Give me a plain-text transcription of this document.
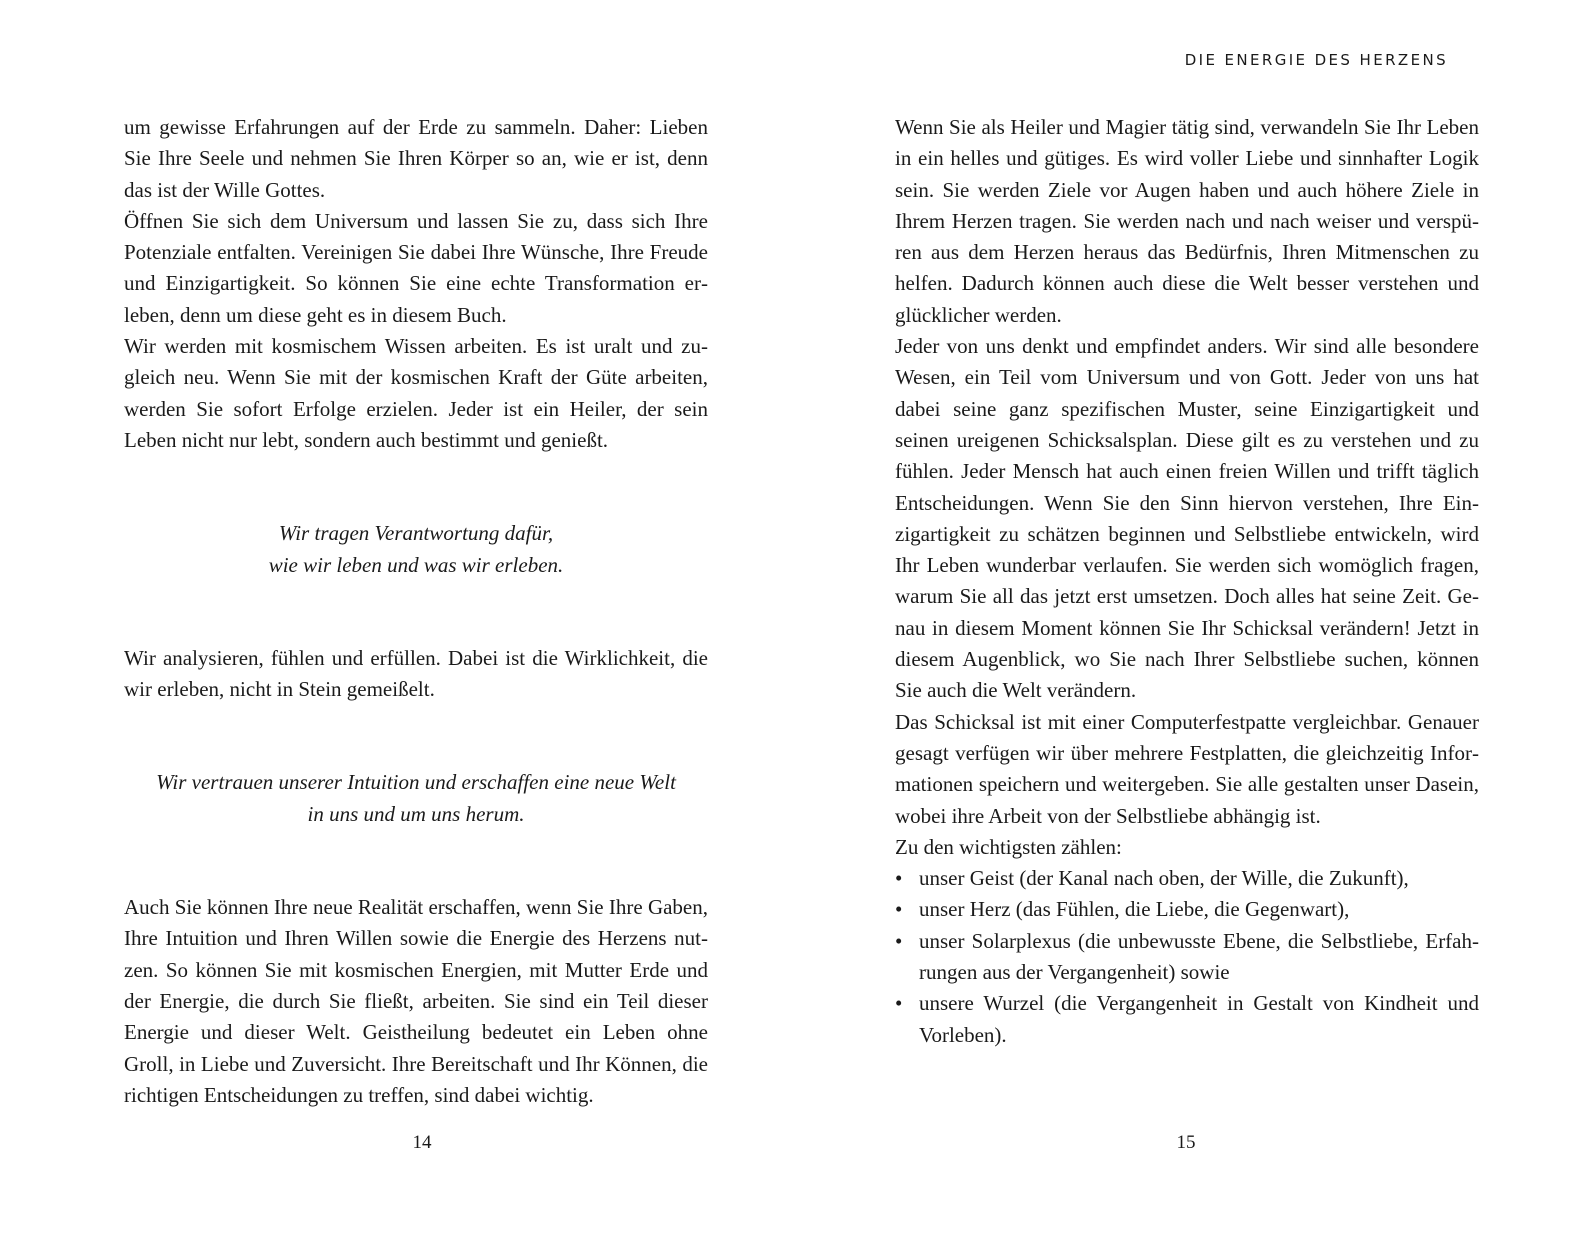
um gewisse Erfahrungen auf der Erde zu sammeln. Daher: Lieben Sie Ihre Seele und nehmen Sie Ihren Körper so an, wie er ist, denn das ist der Wille Gottes.

Öffnen Sie sich dem Universum und lassen Sie zu, dass sich Ihre Potenziale entfalten. Vereinigen Sie dabei Ihre Wünsche, Ihre Freude und Einzigartigkeit. So können Sie eine echte Transformation erleben, denn um diese geht es in diesem Buch.

Wir werden mit kosmischem Wissen arbeiten. Es ist uralt und zugleich neu. Wenn Sie mit der kosmischen Kraft der Güte arbeiten, werden Sie sofort Erfolge erzielen. Jeder ist ein Heiler, der sein Leben nicht nur lebt, sondern auch bestimmt und genießt.

Wir tragen Verantwortung dafür,
wie wir leben und was wir erleben.

Wir analysieren, fühlen und erfüllen. Dabei ist die Wirklichkeit, die wir erleben, nicht in Stein gemeißelt.

Wir vertrauen unserer Intuition und erschaffen eine neue Welt
in uns und um uns herum.

Auch Sie können Ihre neue Realität erschaffen, wenn Sie Ihre Gaben, Ihre Intuition und Ihren Willen sowie die Energie des Herzens nutzen. So können Sie mit kosmischen Energien, mit Mutter Erde und der Energie, die durch Sie fließt, arbeiten. Sie sind ein Teil dieser Energie und dieser Welt. Geistheilung bedeutet ein Leben ohne Groll, in Liebe und Zuversicht. Ihre Bereitschaft und Ihr Können, die richtigen Entscheidungen zu treffen, sind dabei wichtig.

14
DIE ENERGIE DES HERZENS

Wenn Sie als Heiler und Magier tätig sind, verwandeln Sie Ihr Leben in ein helles und gütiges. Es wird voller Liebe und sinnhafter Logik sein. Sie werden Ziele vor Augen haben und auch höhere Ziele in Ihrem Herzen tragen. Sie werden nach und nach weiser und verspüren aus dem Herzen heraus das Bedürfnis, Ihren Mitmenschen zu helfen. Dadurch können auch diese die Welt besser verstehen und glücklicher werden.

Jeder von uns denkt und empfindet anders. Wir sind alle besondere Wesen, ein Teil vom Universum und von Gott. Jeder von uns hat dabei seine ganz spezifischen Muster, seine Einzigartigkeit und seinen ureigenen Schicksalsplan. Diese gilt es zu verstehen und zu fühlen. Jeder Mensch hat auch einen freien Willen und trifft täglich Entscheidungen. Wenn Sie den Sinn hiervon verstehen, Ihre Einzigartigkeit zu schätzen beginnen und Selbstliebe entwickeln, wird Ihr Leben wunderbar verlaufen. Sie werden sich womöglich fragen, warum Sie all das jetzt erst umsetzen. Doch alles hat seine Zeit. Genau in diesem Moment können Sie Ihr Schicksal verändern! Jetzt in diesem Augenblick, wo Sie nach Ihrer Selbstliebe suchen, können Sie auch die Welt verändern.

Das Schicksal ist mit einer Computerfestpatte vergleichbar. Genauer gesagt verfügen wir über mehrere Festplatten, die gleichzeitig Informationen speichern und weitergeben. Sie alle gestalten unser Dasein, wobei ihre Arbeit von der Selbstliebe abhängig ist.

Zu den wichtigsten zählen:

• unser Geist (der Kanal nach oben, der Wille, die Zukunft),
• unser Herz (das Fühlen, die Liebe, die Gegenwart),
• unser Solarplexus (die unbewusste Ebene, die Selbstliebe, Erfahrungen aus der Vergangenheit) sowie
• unsere Wurzel (die Vergangenheit in Gestalt von Kindheit und Vorleben).
15
